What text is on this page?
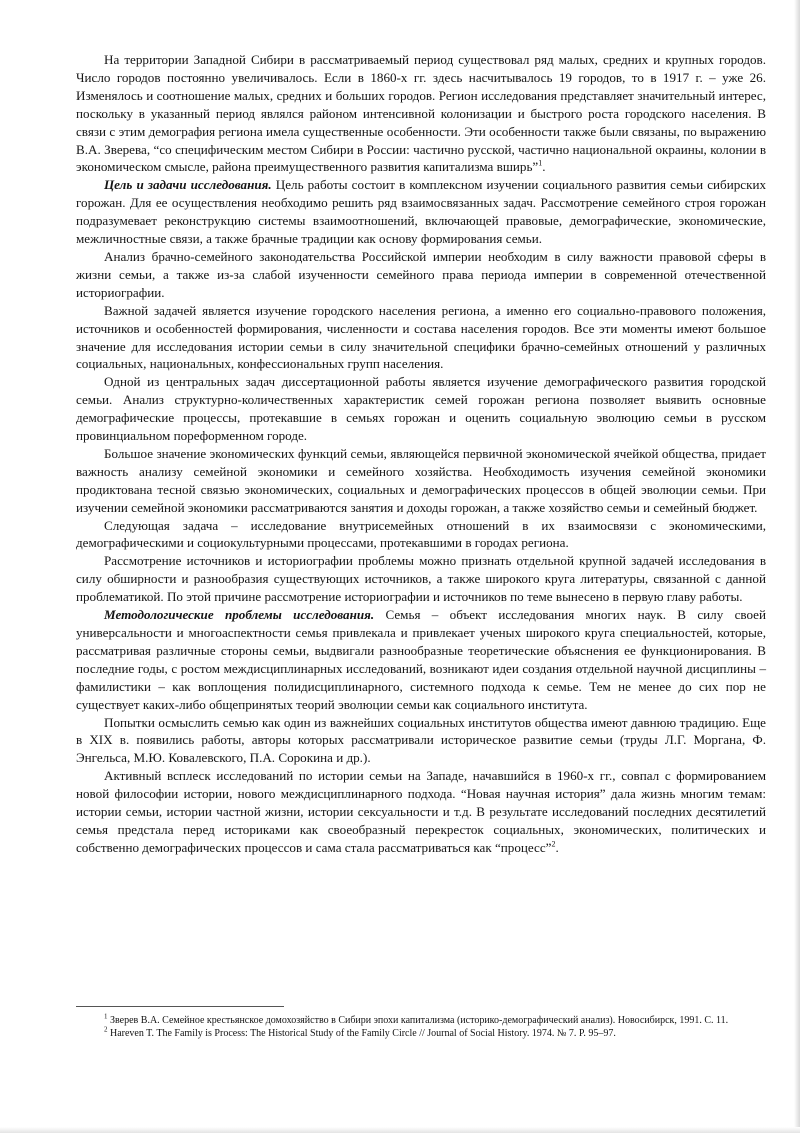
На территории Западной Сибири в рассматриваемый период существовал ряд малых, средних и крупных городов. Число городов постоянно увеличивалось. Если в 1860-х гг. здесь насчитывалось 19 городов, то в 1917 г. – уже 26. Изменялось и соотношение малых, средних и больших городов. Регион исследования представляет значительный интерес, поскольку в указанный период являлся районом интенсивной колонизации и быстрого роста городского населения. В связи с этим демография региона имела существенные особенности. Эти особенности также были связаны, по выражению В.А. Зверева, “со специфическим местом Сибири в России: частично русской, частично национальной окраины, колонии в экономическом смысле, района преимущественного развития капитализма вширь”$^1$.

Цель и задачи исследования. Цель работы состоит в комплексном изучении социального развития семьи сибирских горожан. Для ее осуществления необходимо решить ряд взаимосвязанных задач. Рассмотрение семейного строя горожан подразумевает реконструкцию системы взаимоотношений, включающей правовые, демографические, экономические, межличностные связи, а также брачные традиции как основу формирования семьи.

Анализ брачно-семейного законодательства Российской империи необходим в силу важности правовой сферы в жизни семьи, а также из-за слабой изученности семейного права периода империи в современной отечественной историографии.

Важной задачей является изучение городского населения региона, а именно его социально-правового положения, источников и особенностей формирования, численности и состава населения городов. Все эти моменты имеют большое значение для исследования истории семьи в силу значительной специфики брачно-семейных отношений у различных социальных, национальных, конфессиональных групп населения.

Одной из центральных задач диссертационной работы является изучение демографического развития городской семьи. Анализ структурно-количественных характеристик семей горожан региона позволяет выявить основные демографические процессы, протекавшие в семьях горожан и оценить социальную эволюцию семьи в русском провинциальном пореформенном городе.

Большое значение экономических функций семьи, являющейся первичной экономической ячейкой общества, придает важность анализу семейной экономики и семейного хозяйства. Необходимость изучения семейной экономики продиктована тесной связью экономических, социальных и демографических процессов в общей эволюции семьи. При изучении семейной экономики рассматриваются занятия и доходы горожан, а также хозяйство семьи и семейный бюджет.

Следующая задача – исследование внутрисемейных отношений в их взаимосвязи с экономическими, демографическими и социокультурными процессами, протекавшими в городах региона.

Рассмотрение источников и историографии проблемы можно признать отдельной крупной задачей исследования в силу обширности и разнообразия существующих источников, а также широкого круга литературы, связанной с данной проблематикой. По этой причине рассмотрение историографии и источников по теме вынесено в первую главу работы.

Методологические проблемы исследования. Семья – объект исследования многих наук. В силу своей универсальности и многоаспектности семья привлекала и привлекает ученых широкого круга специальностей, которые, рассматривая различные стороны семьи, выдвигали разнообразные теоретические объяснения ее функционирования. В последние годы, с ростом междисциплинарных исследований, возникают идеи создания отдельной научной дисциплины – фамилистики – как воплощения полидисциплинарного, системного подхода к семье. Тем не менее до сих пор не существует каких-либо общепринятых теорий эволюции семьи как социального института.

Попытки осмыслить семью как один из важнейших социальных институтов общества имеют давнюю традицию. Еще в XIX в. появились работы, авторы которых рассматривали историческое развитие семьи (труды Л.Г. Моргана, Ф. Энгельса, М.Ю. Ковалевского, П.А. Сорокина и др.).

Активный всплеск исследований по истории семьи на Западе, начавшийся в 1960-х гг., совпал с формированием новой философии истории, нового междисциплинарного подхода. “Новая научная история” дала жизнь многим темам: истории семьи, истории частной жизни, истории сексуальности и т.д. В результате исследований последних десятилетий семья предстала перед историками как своеобразный перекресток социальных, экономических, политических и собственно демографических процессов и сама стала рассматриваться как “процесс”$^2$.

$^1$ Зверев В.А. Семейное крестьянское домохозяйство в Сибири эпохи капитализма (историко-демографический анализ). Новосибирск, 1991. С. 11.

$^2$ Hareven T. The Family is Process: The Historical Study of the Family Circle // Journal of Social History. 1974. № 7. P. 95–97.
